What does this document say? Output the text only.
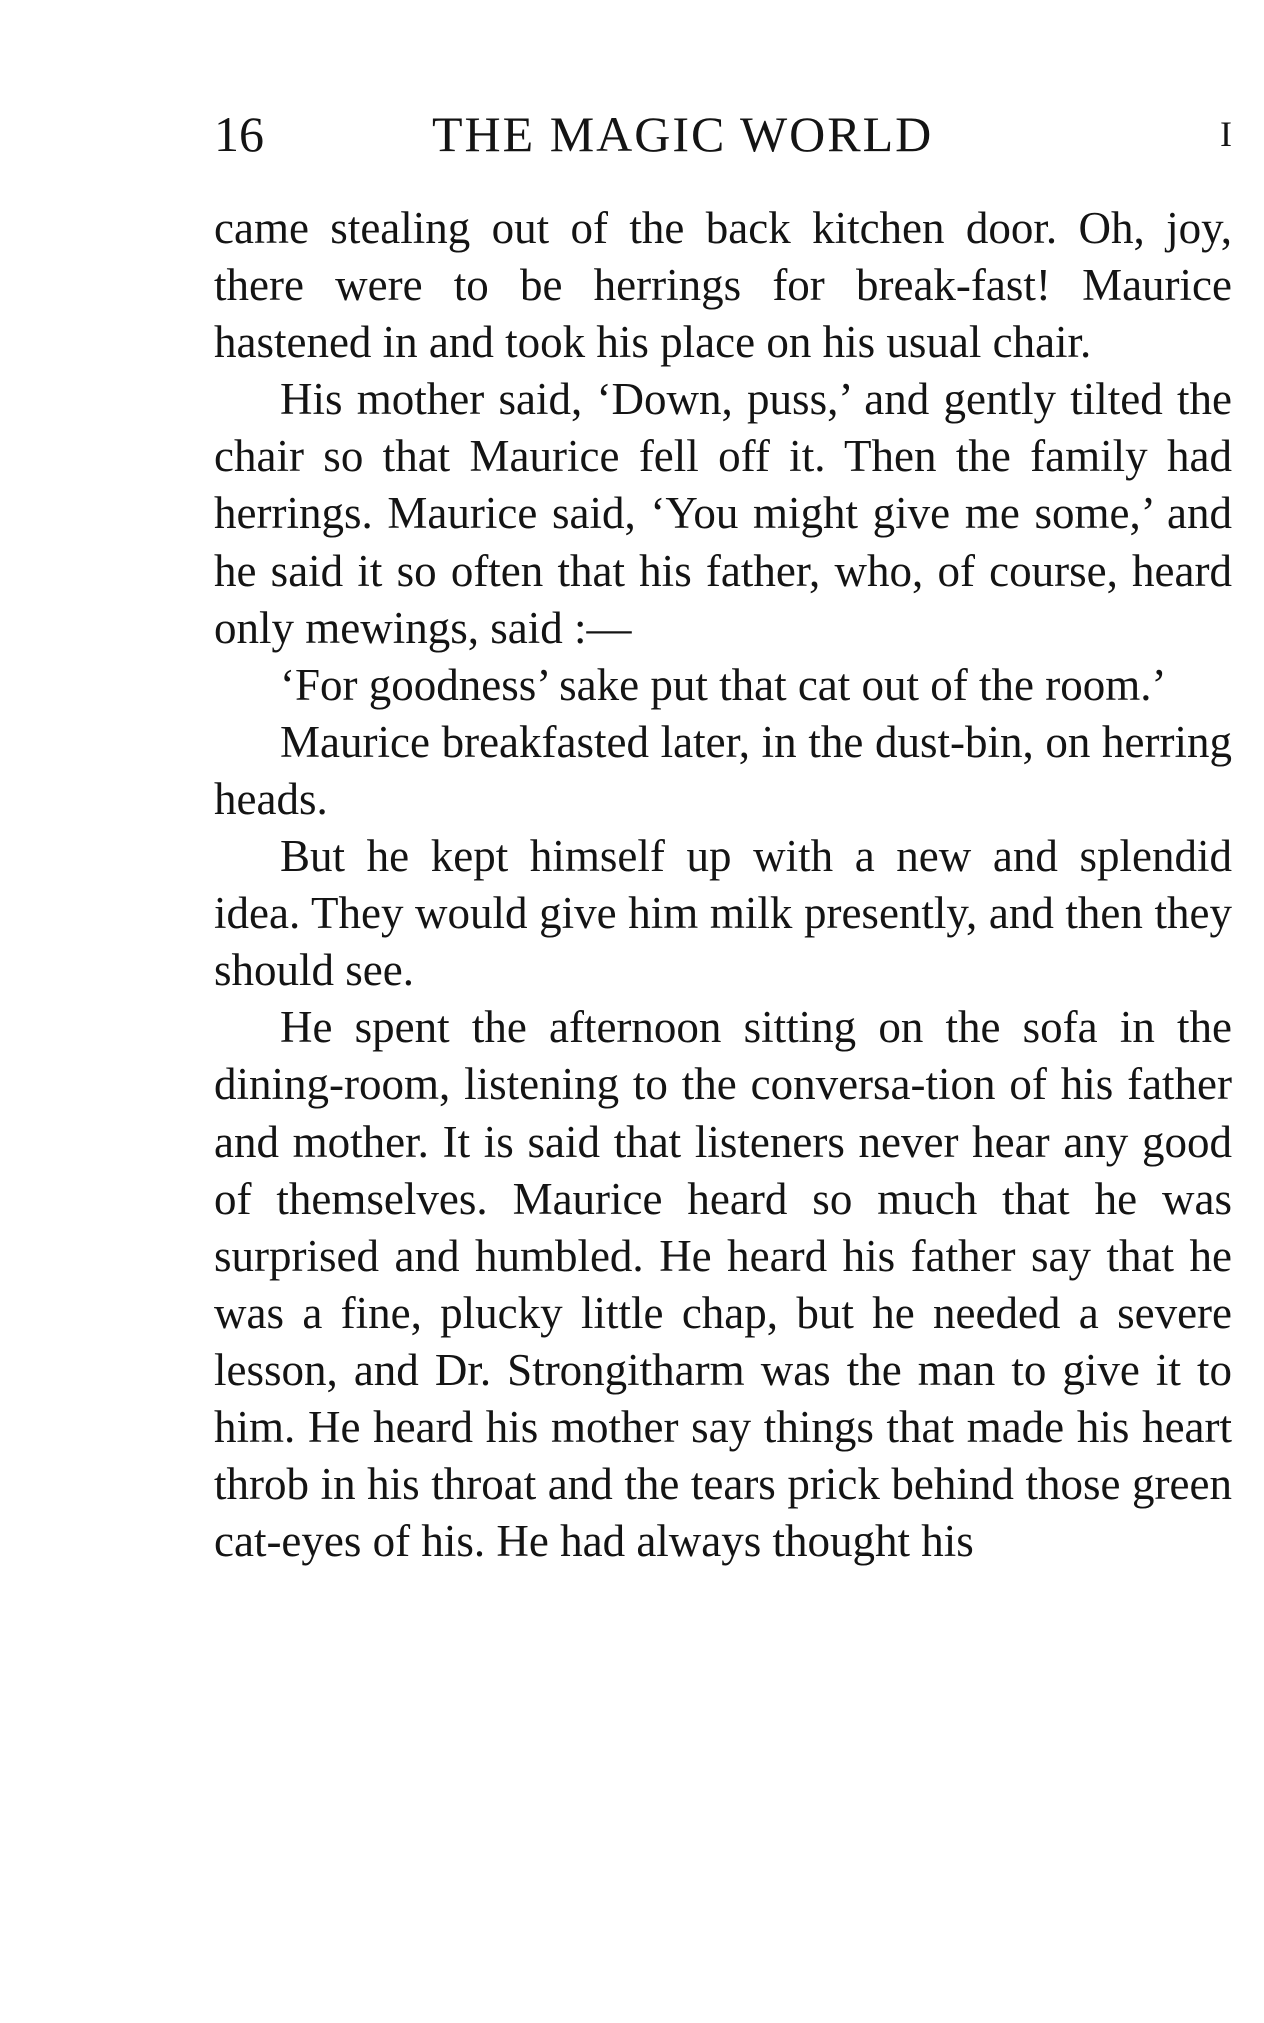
16	THE MAGIC WORLD	I

came stealing out of the back kitchen door. Oh, joy, there were to be herrings for break-fast! Maurice hastened in and took his place on his usual chair.

His mother said, ‘Down, puss,’ and gently tilted the chair so that Maurice fell off it. Then the family had herrings. Maurice said, ‘You might give me some,’ and he said it so often that his father, who, of course, heard only mewings, said :—

‘For goodness’ sake put that cat out of the room.’

Maurice breakfasted later, in the dust-bin, on herring heads.

But he kept himself up with a new and splendid idea. They would give him milk presently, and then they should see.

He spent the afternoon sitting on the sofa in the dining-room, listening to the conversa-tion of his father and mother. It is said that listeners never hear any good of themselves. Maurice heard so much that he was surprised and humbled. He heard his father say that he was a fine, plucky little chap, but he needed a severe lesson, and Dr. Strongitharm was the man to give it to him. He heard his mother say things that made his heart throb in his throat and the tears prick behind those green cat-eyes of his. He had always thought his
